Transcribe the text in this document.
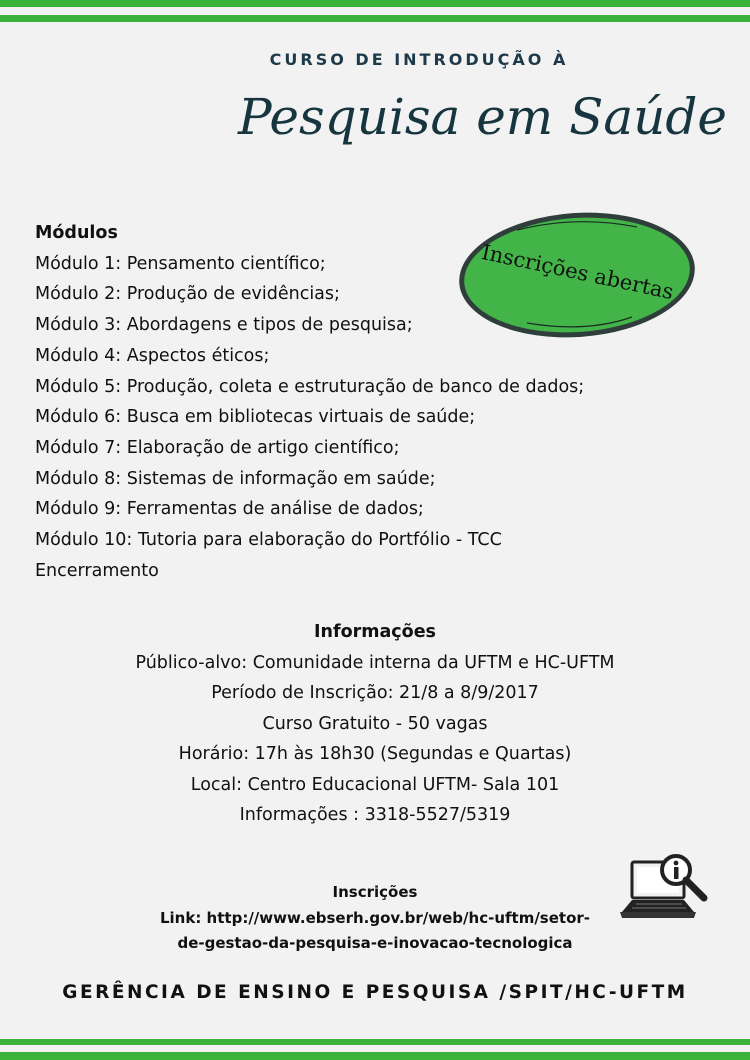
CURSO DE INTRODUÇÃO À
Pesquisa em Saúde
Módulos
Módulo 1: Pensamento científico;
Módulo 2: Produção de evidências;
Módulo 3: Abordagens e tipos de pesquisa;
Módulo 4: Aspectos éticos;
Módulo 5: Produção, coleta e estruturação de banco de dados;
Módulo 6: Busca em bibliotecas virtuais de saúde;
Módulo 7: Elaboração de artigo científico;
Módulo 8: Sistemas de informação em saúde;
Módulo 9: Ferramentas de análise de dados;
Módulo 10: Tutoria para elaboração do Portfólio - TCC
Encerramento
Inscrições abertas
Informações
Público-alvo: Comunidade interna da UFTM e HC-UFTM
Período de Inscrição: 21/8 a 8/9/2017
Curso Gratuito - 50 vagas
Horário: 17h às 18h30 (Segundas e Quartas)
Local: Centro Educacional UFTM- Sala 101
Informações : 3318-5527/5319
Inscrições
Link: http://www.ebserh.gov.br/web/hc-uftm/setor-
de-gestao-da-pesquisa-e-inovacao-tecnologica
GERÊNCIA DE ENSINO E PESQUISA /SPIT/HC-UFTM
